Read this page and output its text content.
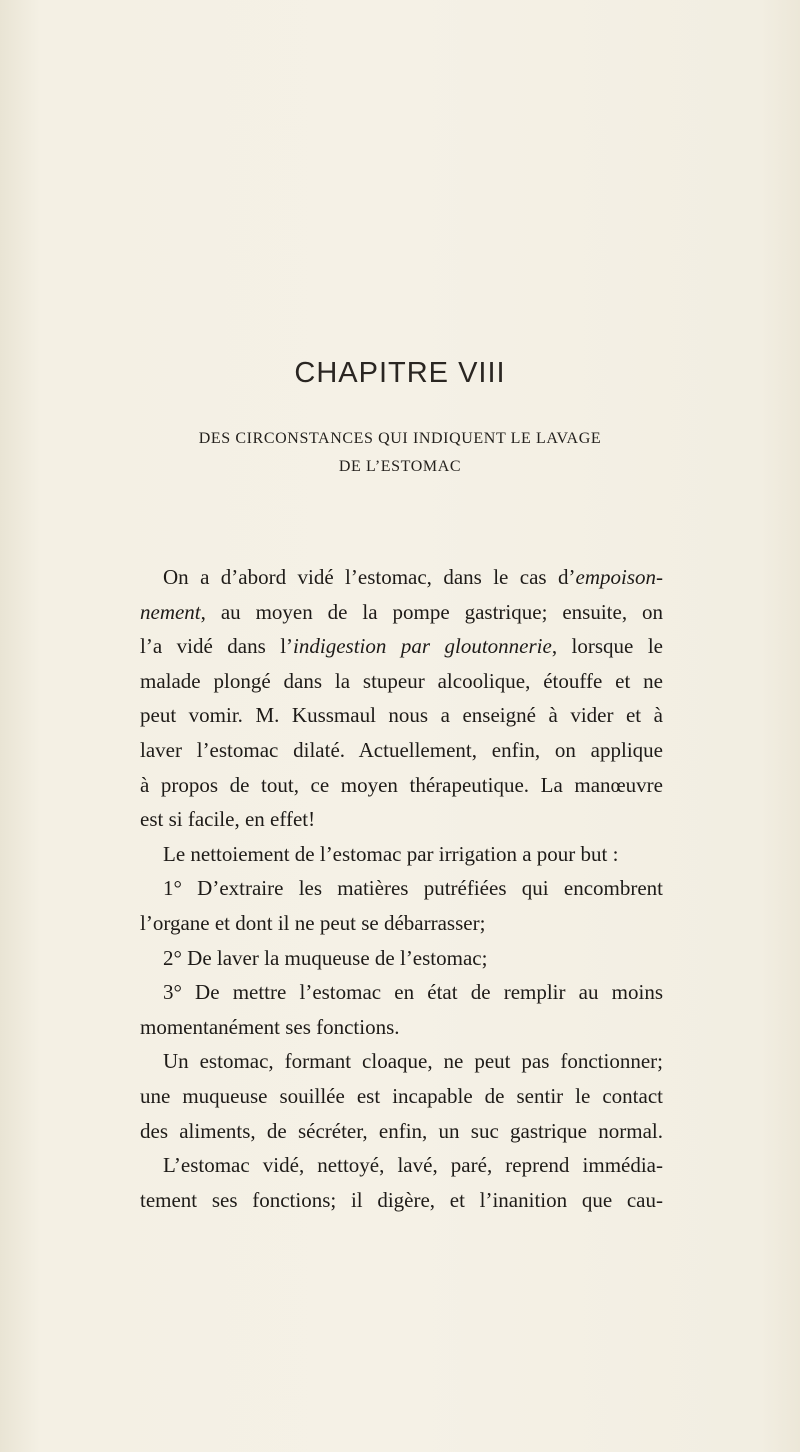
CHAPITRE VIII
DES CIRCONSTANCES QUI INDIQUENT LE LAVAGE
DE L’ESTOMAC
On a d’abord vidé l’estomac, dans le cas d’empoison-
nement, au moyen de la pompe gastrique; ensuite, on
l’a vidé dans l’indigestion par gloutonnerie, lorsque le
malade plongé dans la stupeur alcoolique, étouffe et ne
peut vomir. M. Kussmaul nous a enseigné à vider et à
laver l’estomac dilaté. Actuellement, enfin, on applique
à propos de tout, ce moyen thérapeutique. La manœuvre
est si facile, en effet!
Le nettoiement de l’estomac par irrigation a pour but :
1° D’extraire les matières putréfiées qui encombrent
l’organe et dont il ne peut se débarrasser;
2° De laver la muqueuse de l’estomac;
3° De mettre l’estomac en état de remplir au moins
momentanément ses fonctions.
Un estomac, formant cloaque, ne peut pas fonctionner;
une muqueuse souillée est incapable de sentir le contact
des aliments, de sécréter, enfin, un suc gastrique normal.
L’estomac vidé, nettoyé, lavé, paré, reprend immédia-
tement ses fonctions; il digère, et l’inanition que cau-
